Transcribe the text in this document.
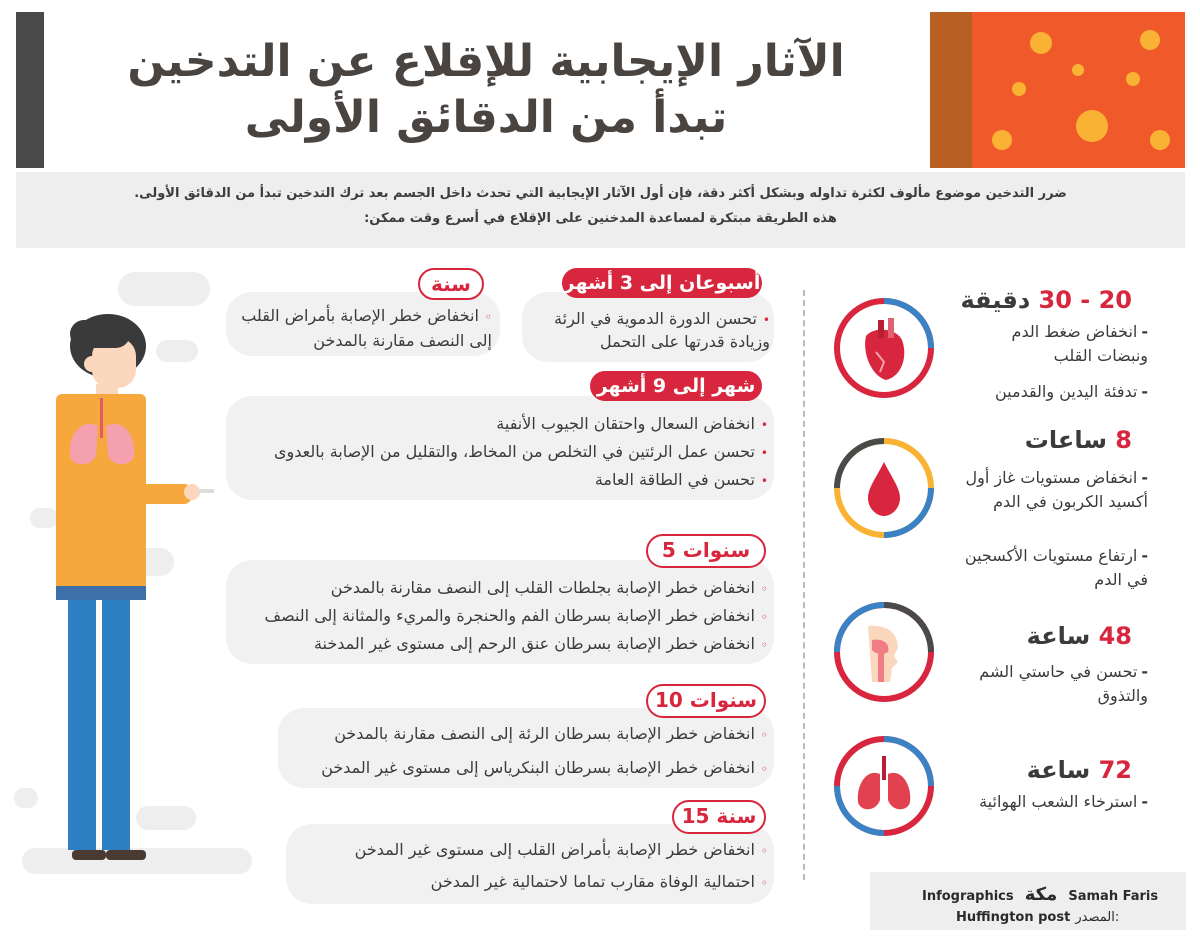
الآثار الإيجابية للإقلاع عن التدخين
تبدأ من الدقائق الأولى

ضرر التدخين موضوع مألوف لكثرة تداوله وبشكل أكثر دقة، فإن أول الآثار الإيجابية التي تحدث داخل الجسم بعد ترك التدخين تبدأ من الدقائق الأولى.

هذه الطريقة مبتكرة لمساعدة المدخنين على الإقلاع في أسرع وقت ممكن:

أسبوعان إلى 3 أشهر
•تحسن الدورة الدموية في الرئة وزيادة قدرتها على التحمل
سنة
◦انخفاض خطر الإصابة بأمراض القلب إلى النصف مقارنة بالمدخن
شهر إلى 9 أشهر
•انخفاض السعال واحتقان الجيوب الأنفية
•تحسن عمل الرئتين في التخلص من المخاط، والتقليل من الإصابة بالعدوى
•تحسن في الطاقة العامة
5 سنوات
◦انخفاض خطر الإصابة بجلطات القلب إلى النصف مقارنة بالمدخن
◦انخفاض خطر الإصابة بسرطان الفم والحنجرة والمريء والمثانة إلى النصف
◦انخفاض خطر الإصابة بسرطان عنق الرحم إلى مستوى غير المدخنة
10 سنوات
◦انخفاض خطر الإصابة بسرطان الرئة إلى النصف مقارنة بالمدخن
◦انخفاض خطر الإصابة بسرطان البنكرياس إلى مستوى غير المدخن
15 سنة
◦انخفاض خطر الإصابة بأمراض القلب إلى مستوى غير المدخن
◦احتمالية الوفاة مقارب تماما لاحتمالية غير المدخن
20 - 30 دقيقة
-انخفاض ضغط الدم ونبضات القلب
-تدفئة اليدين والقدمين
8 ساعات
-انخفاض مستويات غاز أول أكسيد الكربون في الدم
-ارتفاع مستويات الأكسجين في الدم
48 ساعة
-تحسن في حاستي الشم والتذوق
72 ساعة
-استرخاء الشعب الهوائية
Infographics مكة Samah Faris
Huffington post المصدر:
